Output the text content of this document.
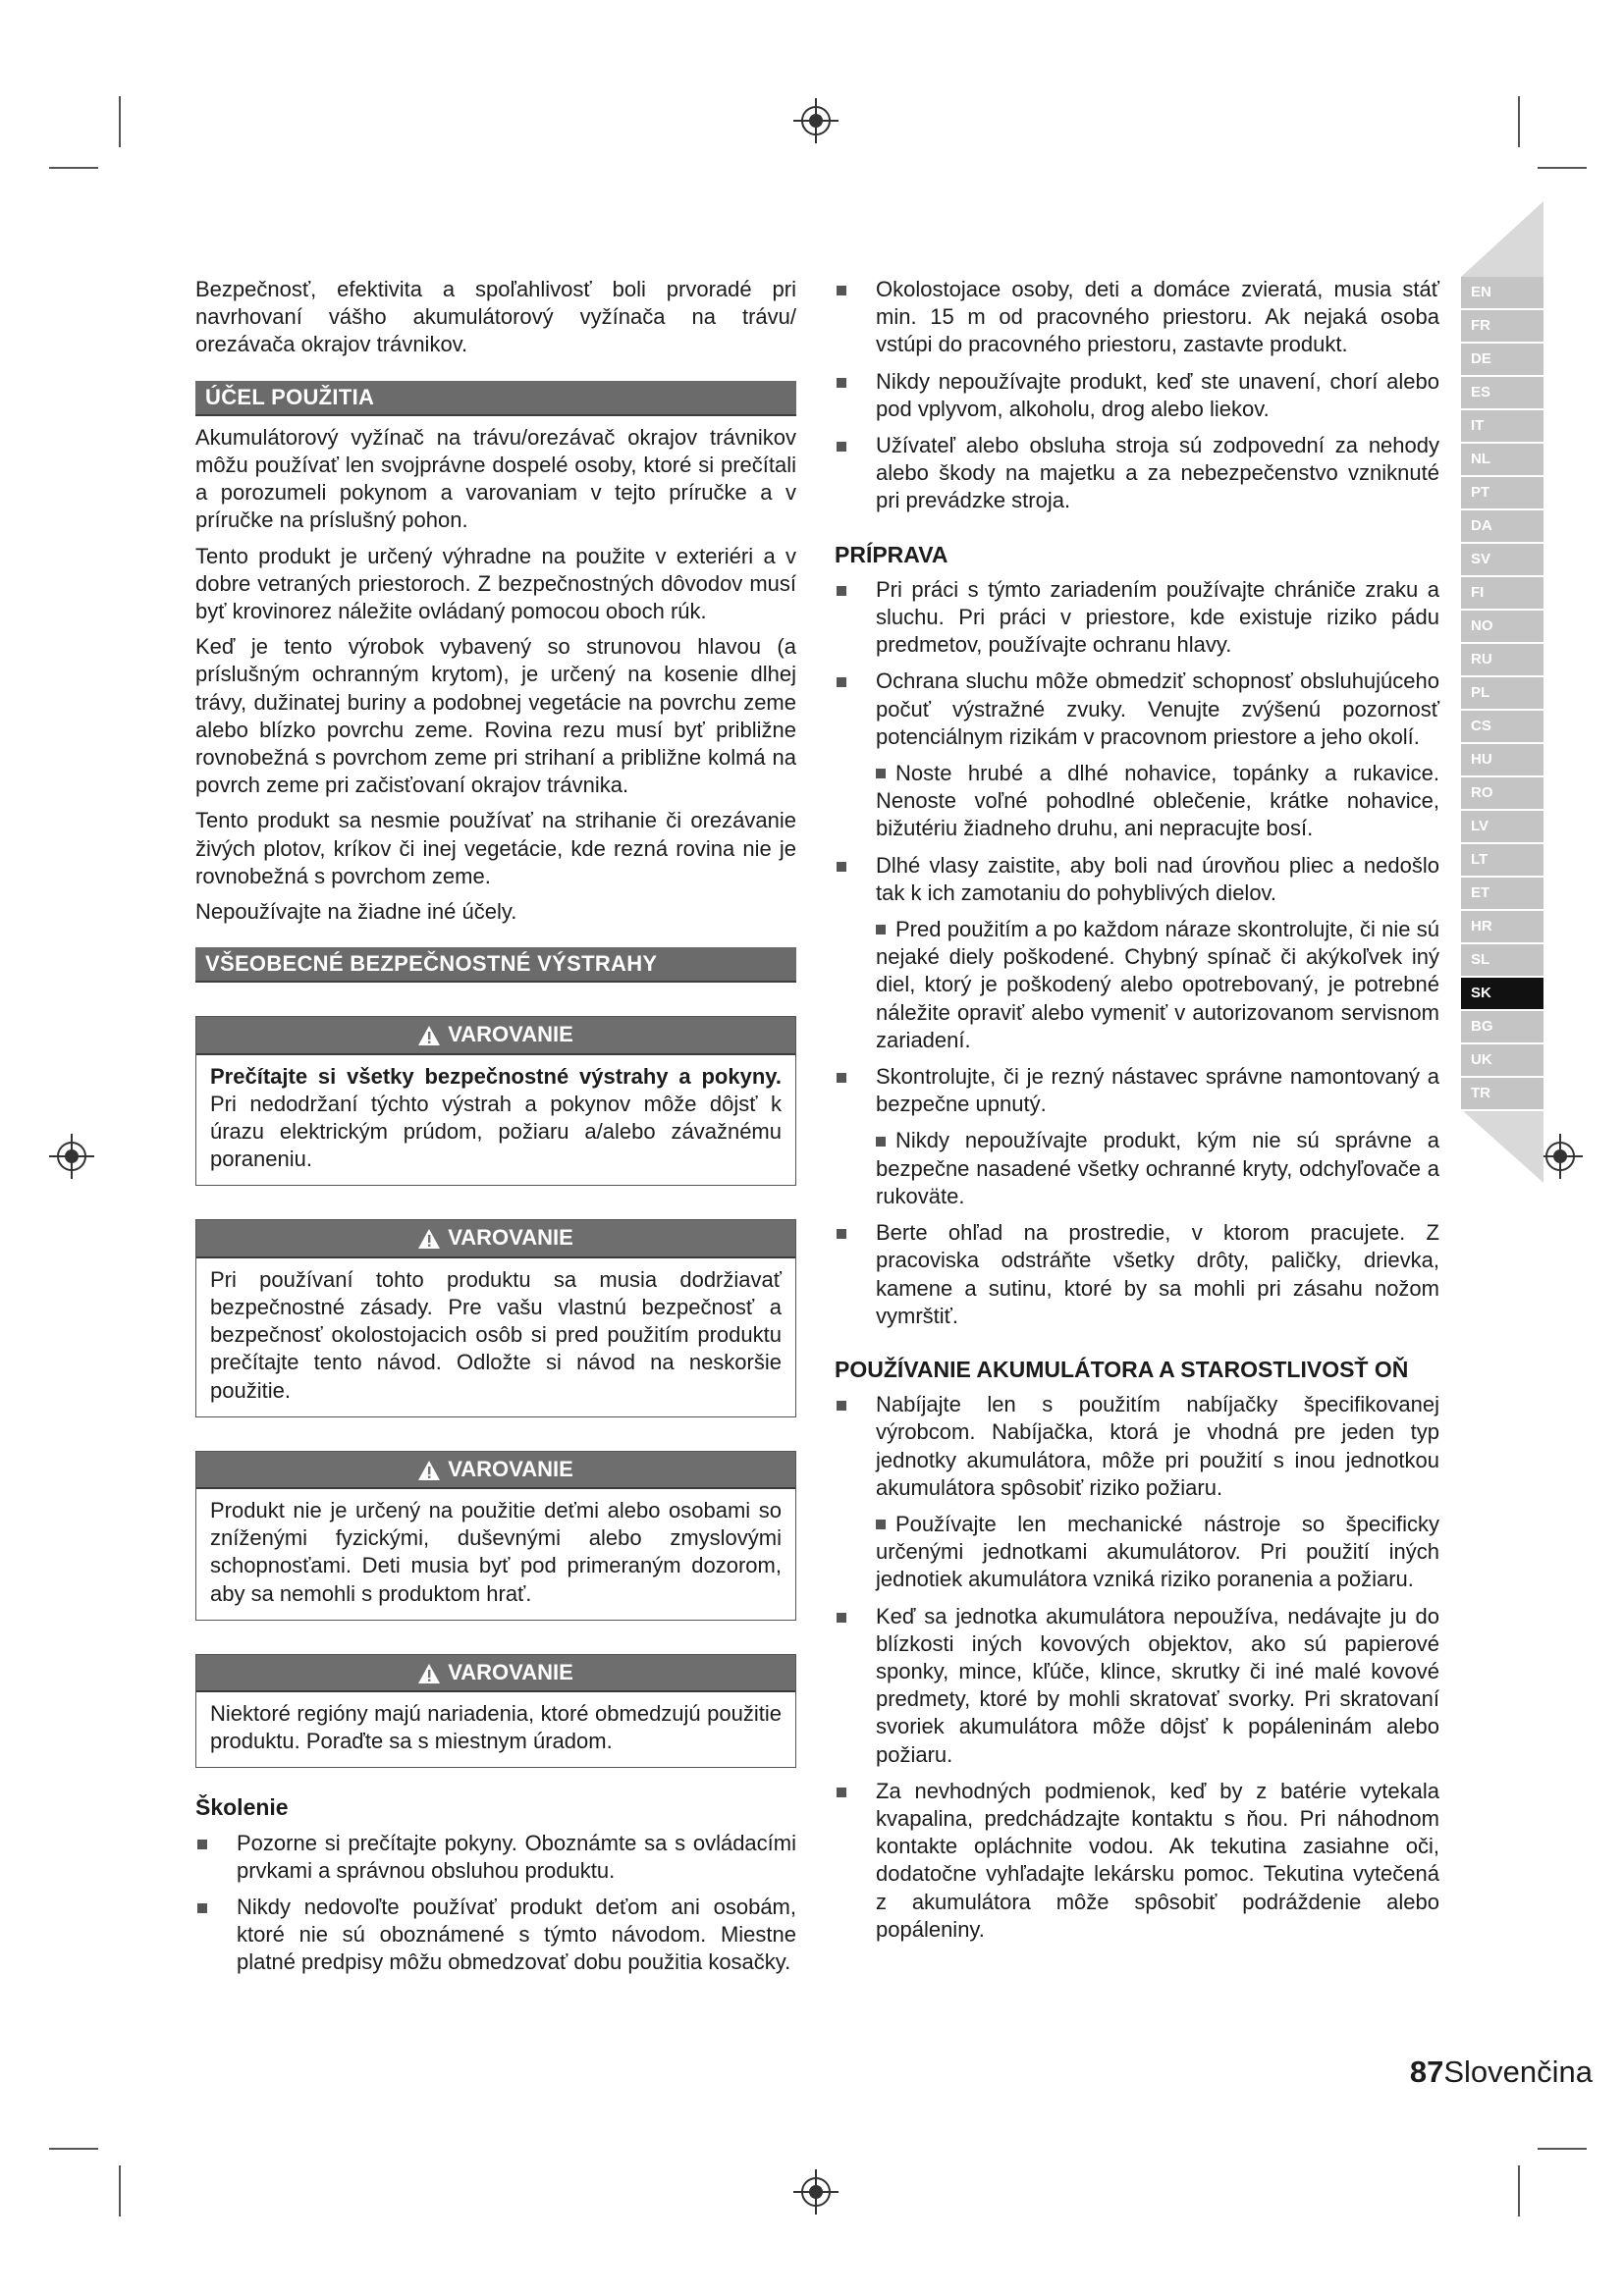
EN
FR
DE
ES
IT
NL
PT
DA
SV
FI
NO
RU
PL
CS
HU
RO
LV
LT
ET
HR
SL
SK
BG
UK
TR

Bezpečnosť, efektivita a spoľahlivosť boli prvoradé pri navrhovaní vášho akumulátorový vyžínača na trávu/ orezávača okrajov trávnikov.

ÚČEL POUŽITIA

Akumulátorový vyžínač na trávu/orezávač okrajov trávnikov môžu používať len svojprávne dospelé osoby, ktoré si prečítali a porozumeli pokynom a varovaniam v tejto príručke a v príručke na príslušný pohon.

Tento produkt je určený výhradne na použite v exteriéri a v dobre vetraných priestoroch. Z bezpečnostných dôvodov musí byť krovinorez náležite ovládaný pomocou oboch rúk.

Keď je tento výrobok vybavený so strunovou hlavou (a príslušným ochranným krytom), je určený na kosenie dlhej trávy, dužinatej buriny a podobnej vegetácie na povrchu zeme alebo blízko povrchu zeme. Rovina rezu musí byť približne rovnobežná s povrchom zeme pri strihaní a približne kolmá na povrch zeme pri začisťovaní okrajov trávnika.

Tento produkt sa nesmie používať na strihanie či orezávanie živých plotov, kríkov či inej vegetácie, kde rezná rovina nie je rovnobežná s povrchom zeme.

Nepoužívajte na žiadne iné účely.

VŠEOBECNÉ BEZPEČNOSTNÉ VÝSTRAHY
VAROVANIE
Prečítajte si všetky bezpečnostné výstrahy a pokyny. Pri nedodržaní týchto výstrah a pokynov môže dôjsť k úrazu elektrickým prúdom, požiaru a/alebo závažnému poraneniu.
VAROVANIE
Pri používaní tohto produktu sa musia dodržiavať bezpečnostné zásady. Pre vašu vlastnú bezpečnosť a bezpečnosť okolostojacich osôb si pred použitím produktu prečítajte tento návod. Odložte si návod na neskoršie použitie.
VAROVANIE
Produkt nie je určený na použitie deťmi alebo osobami so zníženými fyzickými, duševnými alebo zmyslovými schopnosťami. Deti musia byť pod primeraným dozorom, aby sa nemohli s produktom hrať.
VAROVANIE
Niektoré regióny majú nariadenia, ktoré obmedzujú použitie produktu. Poraďte sa s miestnym úradom.
Školenie
Pozorne si prečítajte pokyny. Oboznámte sa s ovládacími prvkami a správnou obsluhou produktu.
Nikdy nedovoľte používať produkt deťom ani osobám, ktoré nie sú oboznámené s týmto návodom. Miestne platné predpisy môžu obmedzovať dobu použitia kosačky.
Okolostojace osoby, deti a domáce zvieratá, musia stáť min. 15 m od pracovného priestoru. Ak nejaká osoba vstúpi do pracovného priestoru, zastavte produkt.
Nikdy nepoužívajte produkt, keď ste unavení, chorí alebo pod vplyvom, alkoholu, drog alebo liekov.
Užívateľ alebo obsluha stroja sú zodpovední za nehody alebo škody na majetku a za nebezpečenstvo vzniknuté pri prevádzke stroja.
PRÍPRAVA
Pri práci s týmto zariadením používajte chrániče zraku a sluchu. Pri práci v priestore, kde existuje riziko pádu predmetov, používajte ochranu hlavy.
Ochrana sluchu môže obmedziť schopnosť obsluhujúceho počuť výstražné zvuky. Venujte zvýšenú pozornosť potenciálnym rizikám v pracovnom priestore a jeho okolí.
Noste hrubé a dlhé nohavice, topánky a rukavice. Nenoste voľné pohodlné oblečenie, krátke nohavice, bižutériu žiadneho druhu, ani nepracujte bosí.
Dlhé vlasy zaistite, aby boli nad úrovňou pliec a nedošlo tak k ich zamotaniu do pohyblivých dielov.
Pred použitím a po každom náraze skontrolujte, či nie sú nejaké diely poškodené. Chybný spínač či akýkoľvek iný diel, ktorý je poškodený alebo opotrebovaný, je potrebné náležite opraviť alebo vymeniť v autorizovanom servisnom zariadení.
Skontrolujte, či je rezný nástavec správne namontovaný a bezpečne upnutý.
Nikdy nepoužívajte produkt, kým nie sú správne a bezpečne nasadené všetky ochranné kryty, odchyľovače a rukoväte.
Berte ohľad na prostredie, v ktorom pracujete. Z pracoviska odstráňte všetky drôty, paličky, drievka, kamene a sutinu, ktoré by sa mohli pri zásahu nožom vymrštiť.
POUŽÍVANIE AKUMULÁTORA A STAROSTLIVOSŤ OŇ
Nabíjajte len s použitím nabíjačky špecifikovanej výrobcom. Nabíjačka, ktorá je vhodná pre jeden typ jednotky akumulátora, môže pri použití s inou jednotkou akumulátora spôsobiť riziko požiaru.
Používajte len mechanické nástroje so špecificky určenými jednotkami akumulátorov. Pri použití iných jednotiek akumulátora vzniká riziko poranenia a požiaru.
Keď sa jednotka akumulátora nepoužíva, nedávajte ju do blízkosti iných kovových objektov, ako sú papierové sponky, mince, kľúče, klince, skrutky či iné malé kovové predmety, ktoré by mohli skratovať svorky. Pri skratovaní svoriek akumulátora môže dôjsť k popáleninám alebo požiaru.
Za nevhodných podmienok, keď by z batérie vytekala kvapalina, predchádzajte kontaktu s ňou. Pri náhodnom kontakte opláchnite vodou. Ak tekutina zasiahne oči, dodatočne vyhľadajte lekársku pomoc. Tekutina vytečená z akumulátora môže spôsobiť podráždenie alebo popáleniny.
87Slovenčina
